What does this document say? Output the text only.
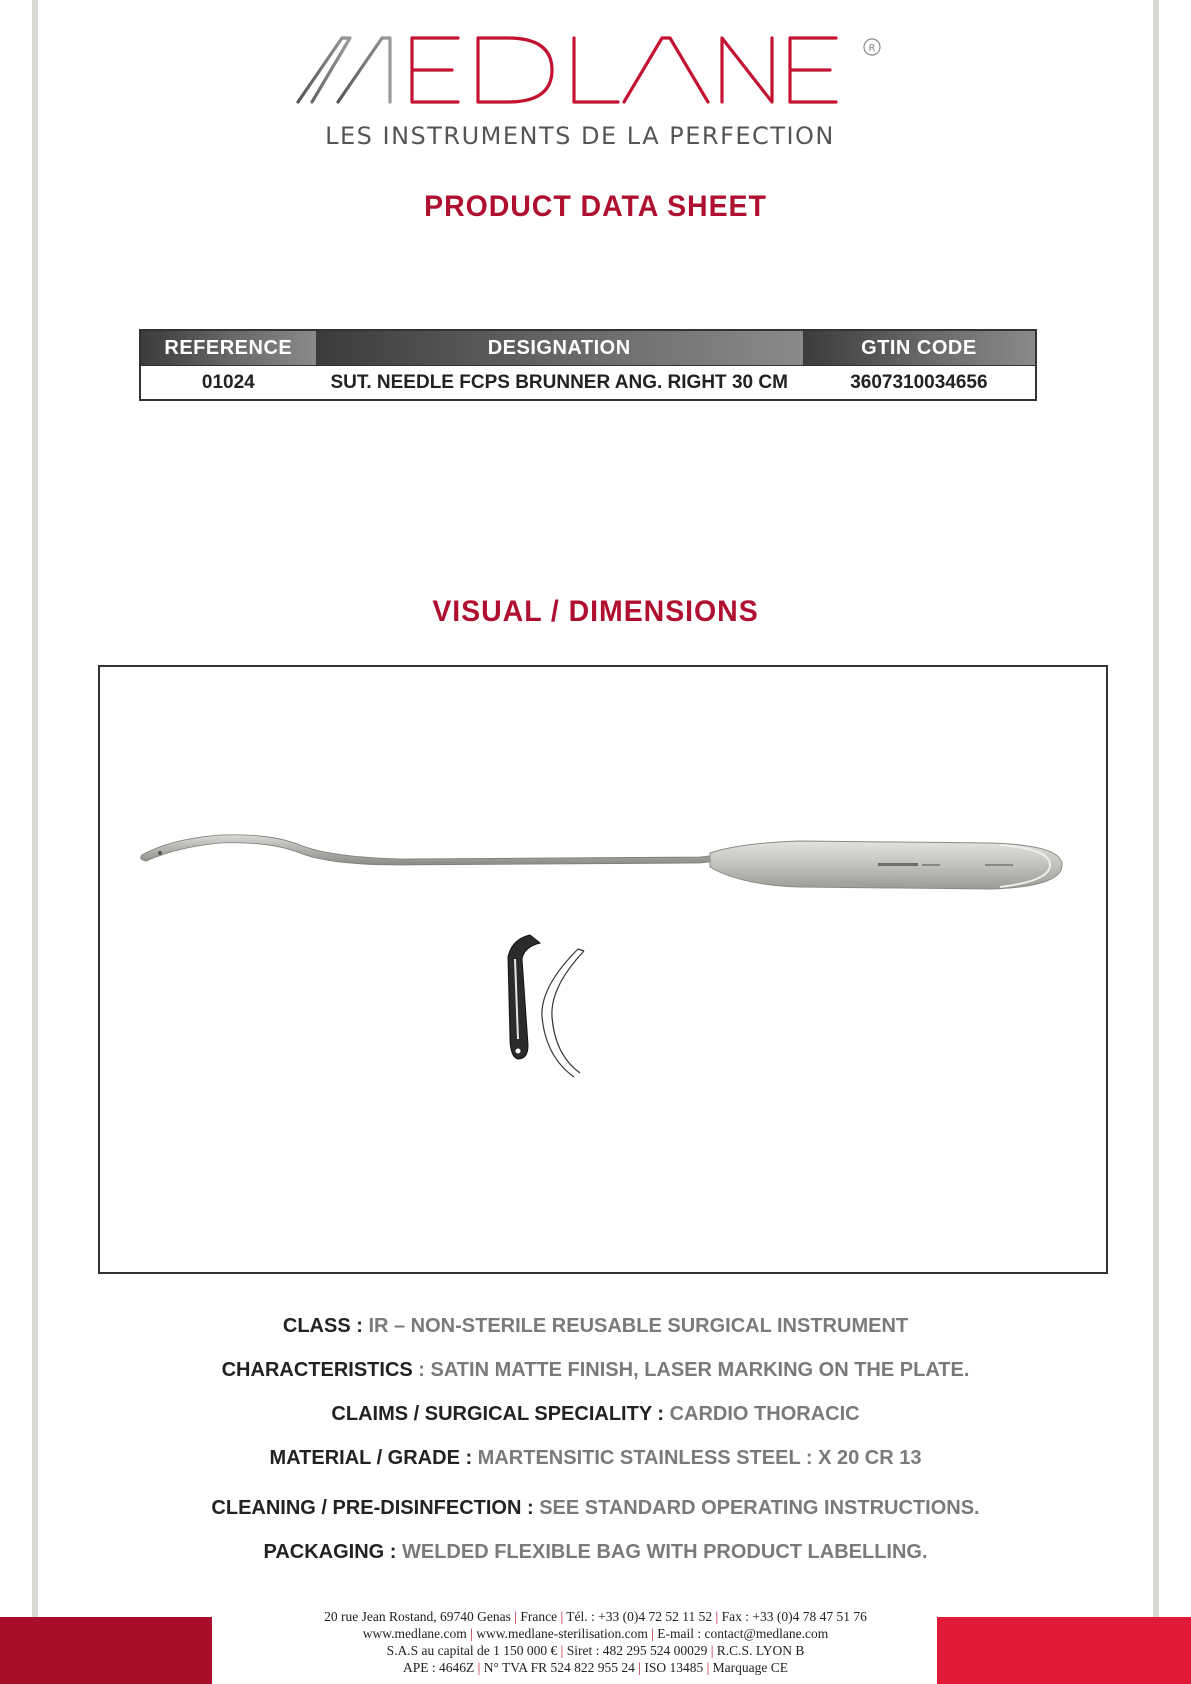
R
LES INSTRUMENTS DE LA PERFECTION
PRODUCT DATA SHEET
REFERENCE	DESIGNATION	GTIN CODE
01024	SUT. NEEDLE FCPS BRUNNER ANG. RIGHT 30 CM	3607310034656
VISUAL / DIMENSIONS
CLASS : IR – NON-STERILE REUSABLE SURGICAL INSTRUMENT
CHARACTERISTICS : SATIN MATTE FINISH, LASER MARKING ON THE PLATE.
CLAIMS / SURGICAL SPECIALITY : CARDIO THORACIC
MATERIAL / GRADE : MARTENSITIC STAINLESS STEEL : X 20 CR 13
CLEANING / PRE-DISINFECTION : SEE STANDARD OPERATING INSTRUCTIONS.
PACKAGING : WELDED FLEXIBLE BAG WITH PRODUCT LABELLING.
20 rue Jean Rostand, 69740 Genas | France | Tél. : +33 (0)4 72 52 11 52 | Fax : +33 (0)4 78 47 51 76
www.medlane.com | www.medlane-sterilisation.com | E-mail : contact@medlane.com
S.A.S au capital de 1 150 000 € | Siret : 482 295 524 00029 | R.C.S. LYON B
APE : 4646Z | N° TVA FR 524 822 955 24 | ISO 13485 | Marquage CE
